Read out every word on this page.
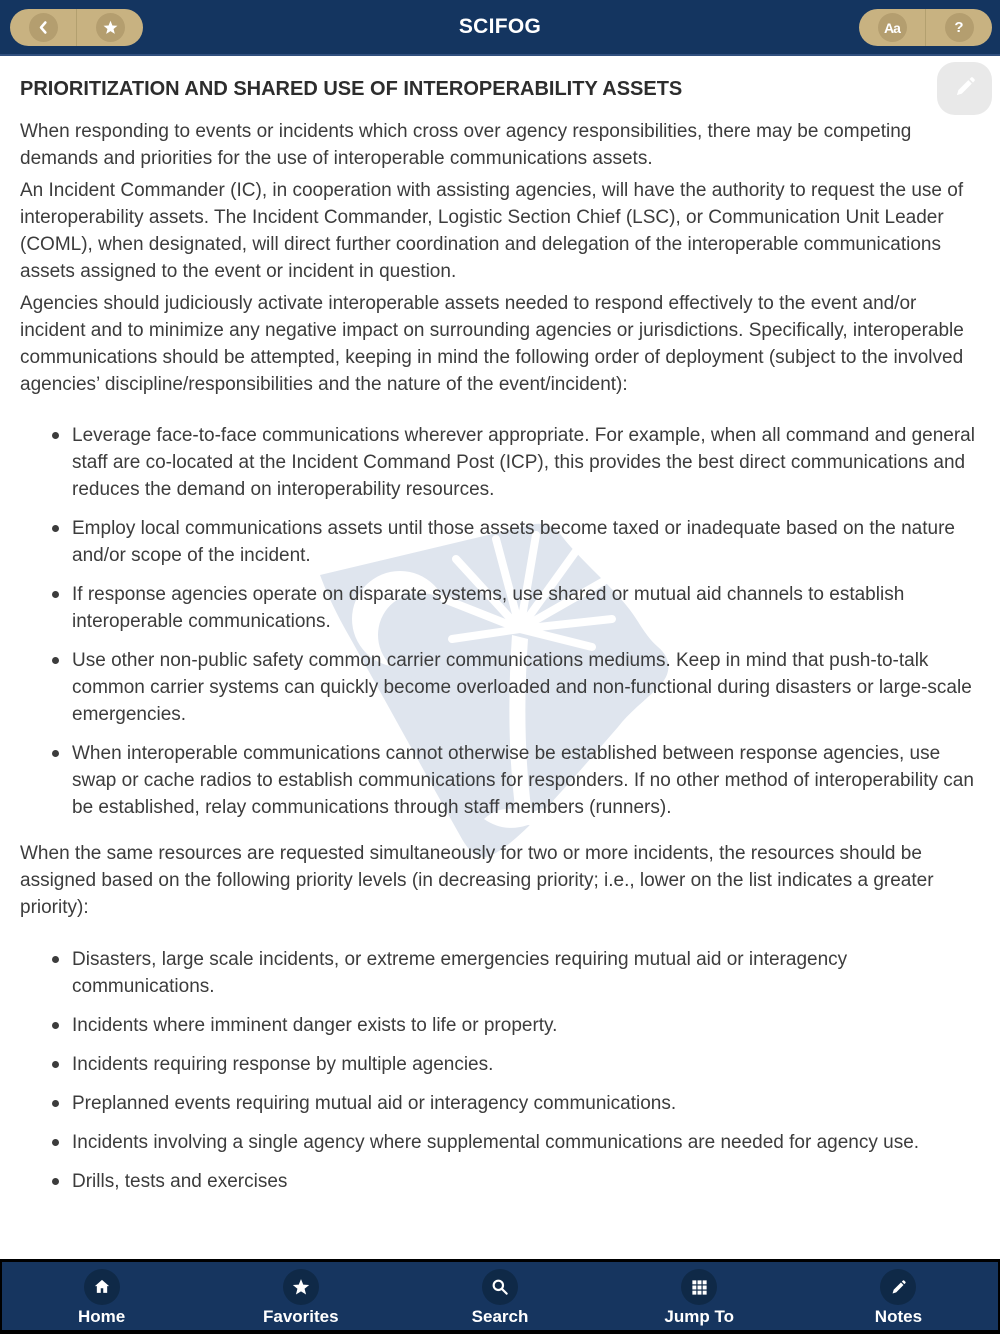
SCIFOG	Aa	?
PRIORITIZATION AND SHARED USE OF INTEROPERABILITY ASSETS

When responding to events or incidents which cross over agency responsibilities, there may be competing demands and priorities for the use of interoperable communications assets.

An Incident Commander (IC), in cooperation with assisting agencies, will have the authority to request the use of interoperability assets. The Incident Commander, Logistic Section Chief (LSC), or Communication Unit Leader (COML), when designated, will direct further coordination and delegation of the interoperable communications assets assigned to the event or incident in question.

Agencies should judiciously activate interoperable assets needed to respond effectively to the event and/or incident and to minimize any negative impact on surrounding agencies or jurisdictions. Specifically, interoperable communications should be attempted, keeping in mind the following order of deployment (subject to the involved agencies’ discipline/responsibilities and the nature of the event/incident):

Leverage face-to-face communications wherever appropriate. For example, when all command and general staff are co-located at the Incident Command Post (ICP), this provides the best direct communications and reduces the demand on interoperability resources.
Employ local communications assets until those assets become taxed or inadequate based on the nature and/or scope of the incident.
If response agencies operate on disparate systems, use shared or mutual aid channels to establish interoperable communications.
Use other non-public safety common carrier communications mediums. Keep in mind that push-to-talk common carrier systems can quickly become overloaded and non-functional during disasters or large-scale emergencies.
When interoperable communications cannot otherwise be established between response agencies, use swap or cache radios to establish communications for responders. If no other method of interoperability can be established, relay communications through staff members (runners).

When the same resources are requested simultaneously for two or more incidents, the resources should be assigned based on the following priority levels (in decreasing priority; i.e., lower on the list indicates a greater priority):

Disasters, large scale incidents, or extreme emergencies requiring mutual aid or interagency communications.
Incidents where imminent danger exists to life or property.
Incidents requiring response by multiple agencies.
Preplanned events requiring mutual aid or interagency communications.
Incidents involving a single agency where supplemental communications are needed for agency use.
Drills, tests and exercises
Home	Favorites	Search	Jump To	Notes
